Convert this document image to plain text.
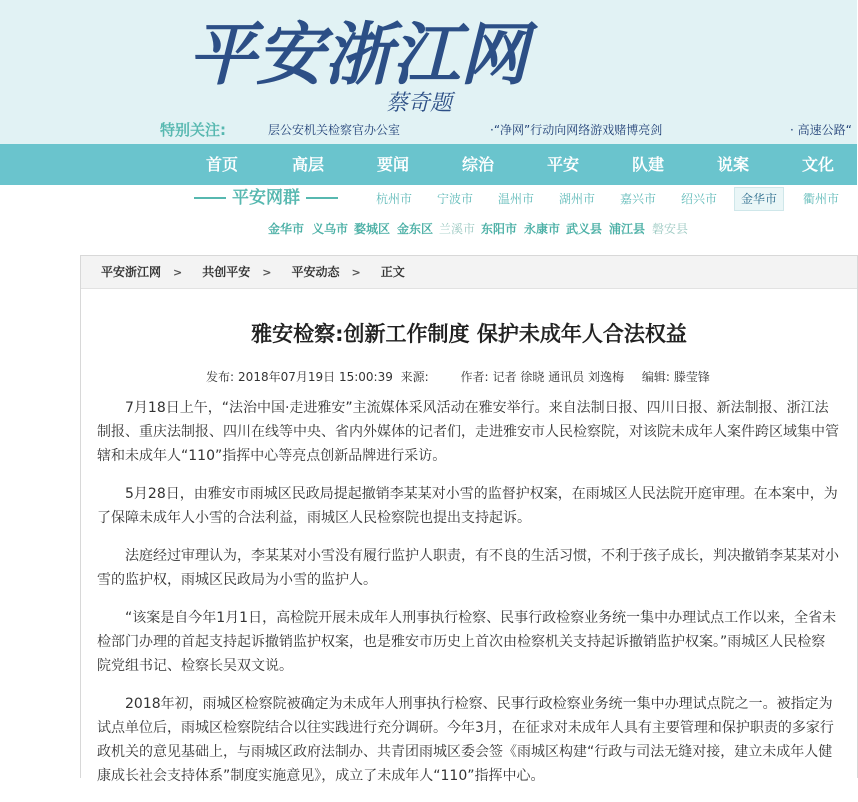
平安浙江网
蔡奇题
特别关注:	层公安机关检察官办公室	·“净网”行动向网络游戏赌博亮剑	· 高速公路“
首页	高层	要闻	综治	平安	队建	说案	文化
平安网群	杭州市 宁波市 温州市 湖州市 嘉兴市 绍兴市	金华市	衢州市
金华市 义乌市 婺城区 金东区 兰溪市 东阳市 永康市 武义县 浦江县 磐安县
平安浙江网 > 共创平安 > 平安动态 > 正文
雅安检察:创新工作制度 保护未成年人合法权益
发布: 2018年07月19日 15:00:39 来源:	作者: 记者 徐晓 通讯员 刘逸梅 编辑: 滕莹锋

7月18日上午，“法治中国·走进雅安”主流媒体采风活动在雅安举行。来自法制日报、四川日报、新法制报、浙江法制报、重庆法制报、四川在线等中央、省内外媒体的记者们，走进雅安市人民检察院，对该院未成年人案件跨区域集中管辖和未成年人“110”指挥中心等亮点创新品牌进行采访。

5月28日，由雅安市雨城区民政局提起撤销李某某对小雪的监督护权案，在雨城区人民法院开庭审理。在本案中，为了保障未成年人小雪的合法利益，雨城区人民检察院也提出支持起诉。

法庭经过审理认为，李某某对小雪没有履行监护人职责，有不良的生活习惯，不利于孩子成长，判决撤销李某某对小雪的监护权，雨城区民政局为小雪的监护人。

“该案是自今年1月1日，高检院开展未成年人刑事执行检察、民事行政检察业务统一集中办理试点工作以来，全省未检部门办理的首起支持起诉撤销监护权案，也是雅安市历史上首次由检察机关支持起诉撤销监护权案。”雨城区人民检察院党组书记、检察长吴双文说。

2018年初，雨城区检察院被确定为未成年人刑事执行检察、民事行政检察业务统一集中办理试点院之一。被指定为试点单位后，雨城区检察院结合以往实践进行充分调研。今年3月，在征求对未成年人具有主要管理和保护职责的多家行政机关的意见基础上，与雨城区政府法制办、共青团雨城区委会签《雨城区构建“行政与司法无缝对接，建立未成年人健康成长社会支持体系”制度实施意见》，成立了未成年人“110”指挥中心。
